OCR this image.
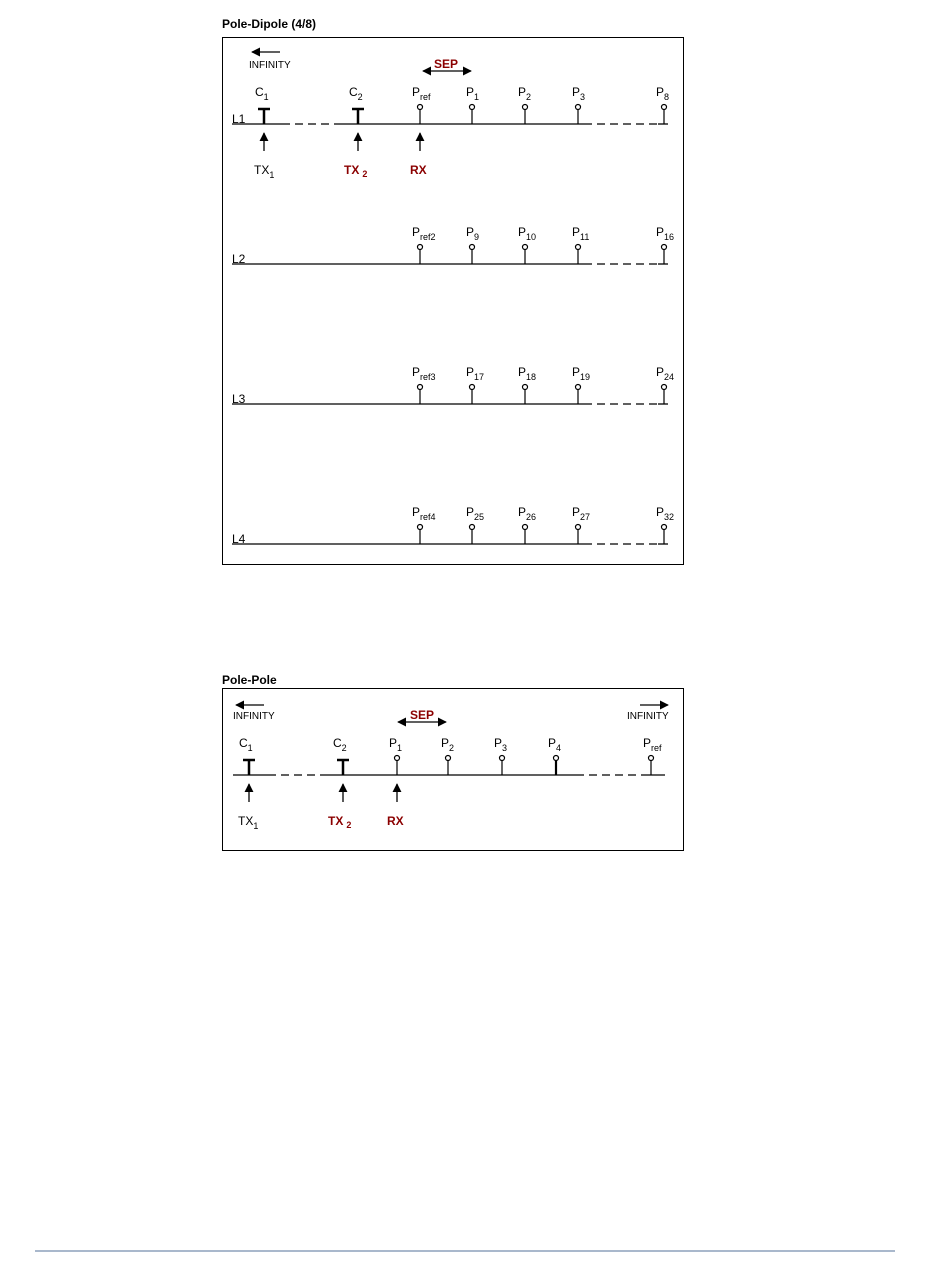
Pole-Dipole (4/8)
INFINITY	SEP
$C_1$	$C_2$	$P_{ref}$	$P_1$	$P_2$	$P_3$	$P_8$
L1
$TX_1$	TX $_2$	RX
$P_{ref2}$	$P_9$	$P_{10}$	$P_{11}$	$P_{16}$
L2
$P_{ref3}$	$P_{17}$	$P_{18}$	$P_{19}$	$P_{24}$
L3
$P_{ref4}$	$P_{25}$	$P_{26}$	$P_{27}$	$P_{32}$
L4
Pole-Pole
INFINITY	INFINITY
SEP
$C_1$	$C_2$	$P_1$	$P_2$	$P_3$	$P_4$	$P_{ref}$
$TX_1$	TX $_2$	RX
